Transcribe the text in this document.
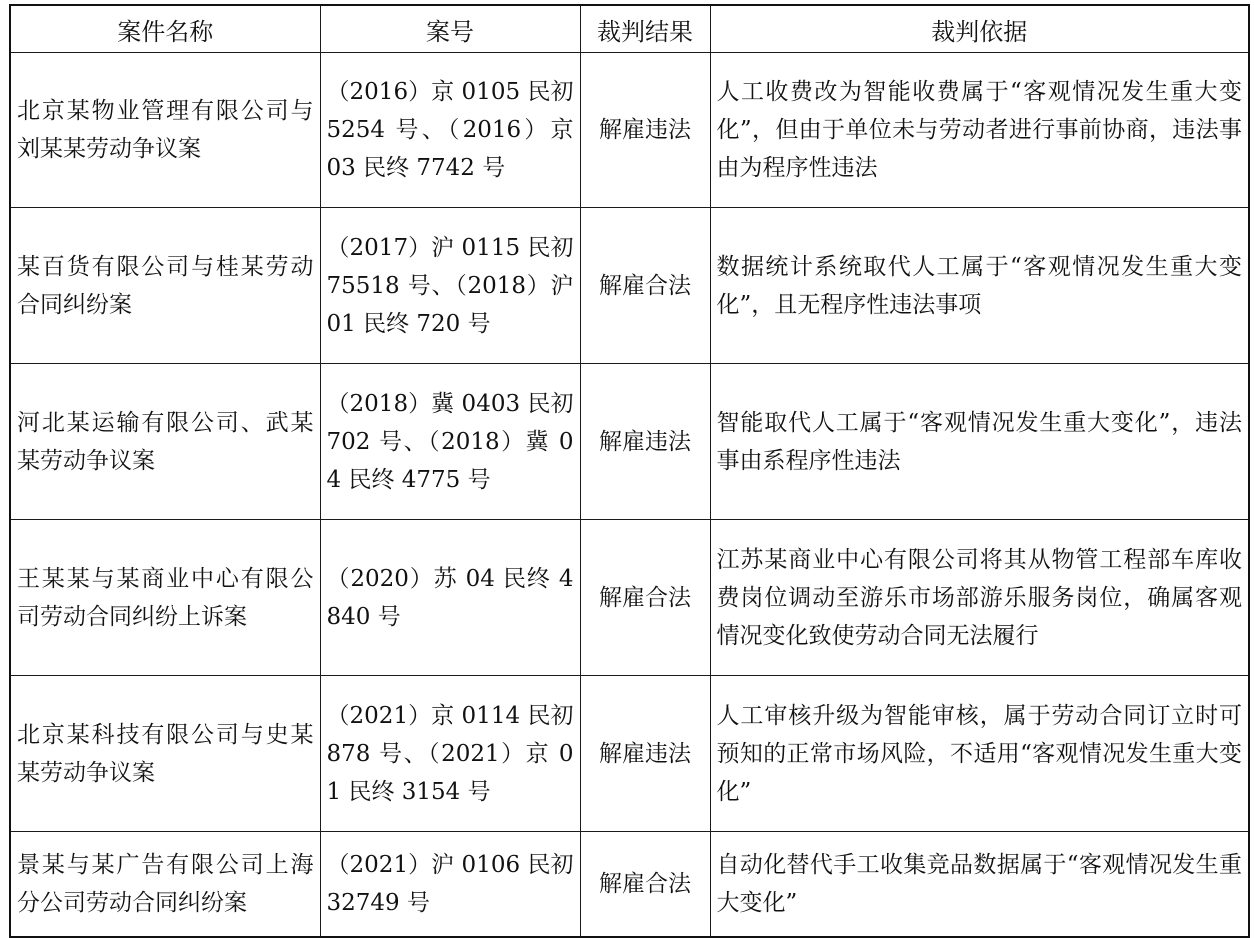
案件名称	案号	裁判结果	裁判依据
北京某物业管理有限公司与刘某某劳动争议案	（2016）京 0105 民初 5254 号、（2016）京 03 民终 7742 号	解雇违法	人工收费改为智能收费属于“客观情况发生重大变化”，但由于单位未与劳动者进行事前协商，违法事由为程序性违法
某百货有限公司与桂某劳动合同纠纷案	（2017）沪 0115 民初 75518 号、（2018）沪 01 民终 720 号	解雇合法	数据统计系统取代人工属于“客观情况发生重大变化”，且无程序性违法事项
河北某运输有限公司、武某某劳动争议案	（2018）冀 0403 民初 702 号、（2018）冀 04 民终 4775 号	解雇违法	智能取代人工属于“客观情况发生重大变化”，违法事由系程序性违法
王某某与某商业中心有限公司劳动合同纠纷上诉案	（2020）苏 04 民终 4840 号	解雇合法	江苏某商业中心有限公司将其从物管工程部车库收费岗位调动至游乐市场部游乐服务岗位，确属客观情况变化致使劳动合同无法履行
北京某科技有限公司与史某某劳动争议案	（2021）京 0114 民初 878 号、（2021）京 01 民终 3154 号	解雇违法	人工审核升级为智能审核，属于劳动合同订立时可预知的正常市场风险，不适用“客观情况发生重大变化”
景某与某广告有限公司上海分公司劳动合同纠纷案	（2021）沪 0106 民初 32749 号	解雇合法	自动化替代手工收集竞品数据属于“客观情况发生重大变化”
